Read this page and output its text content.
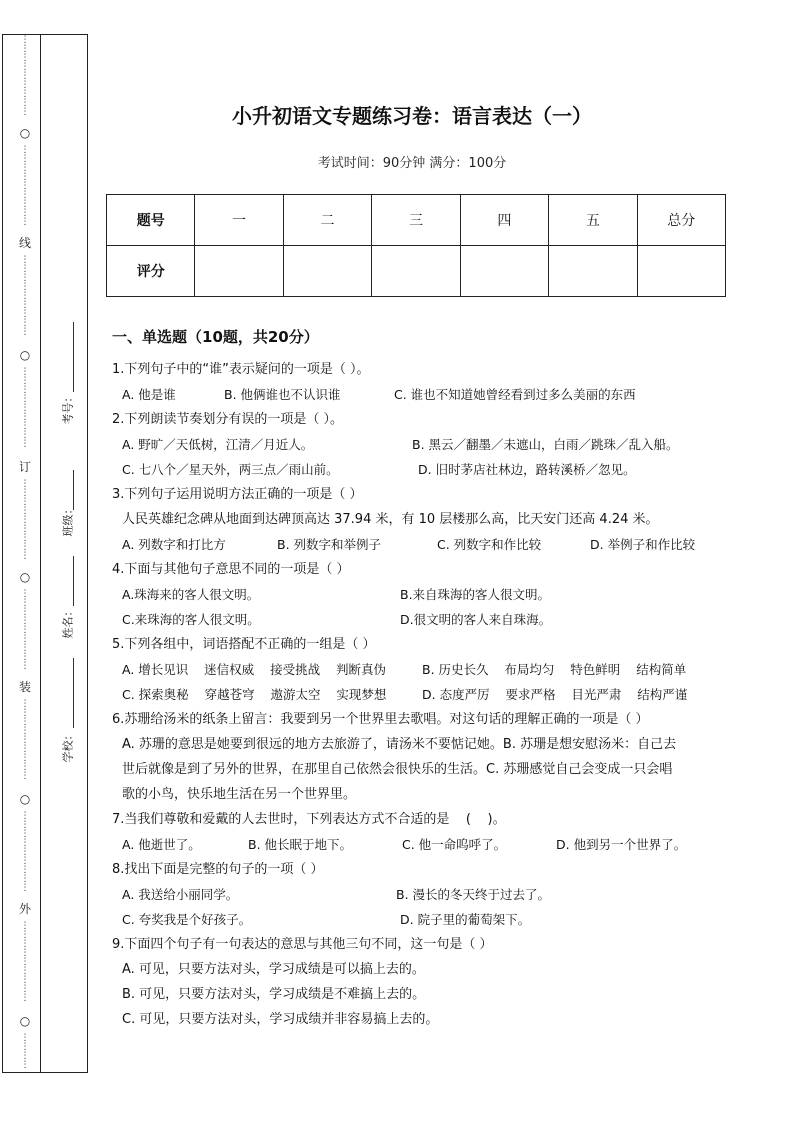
⋮
⋮
⋮
⋮
⋮
⋮
⋮
⋮
⋮
○
⋮
⋮
⋮
⋮
⋮
⋮
⋮
⋮
⋮
线
⋮
⋮
⋮
⋮
⋮
⋮
⋮
⋮
⋮
○
⋮
⋮
⋮
⋮
⋮
⋮
⋮
⋮
⋮
订
⋮
⋮
⋮
⋮
⋮
⋮
⋮
⋮
⋮
○
⋮
⋮
⋮
⋮
⋮
⋮
⋮
⋮
⋮
装
⋮
⋮
⋮
⋮
⋮
⋮
⋮
⋮
⋮
○
⋮
⋮
⋮
⋮
⋮
⋮
⋮
⋮
⋮
外
⋮
⋮
⋮
⋮
⋮
⋮
⋮
⋮
⋮
○
⋮
⋮
⋮
⋮
考号：
班级：
姓名：
学校：
小升初语文专题练习卷：语言表达（一）
考试时间：90分钟 满分：100分
题号	一	二	三	四	五	总分
评分						
一、单选题（10题，共20分）
1.下列句子中的“谁”表示疑问的一项是（ ）。
A. 他是谁	B. 他俩谁也不认识谁	C. 谁也不知道她曾经看到过多么美丽的东西
2.下列朗读节奏划分有误的一项是（ ）。
A. 野旷／天低树，江清／月近人。	B. 黑云／翻墨／未遮山，白雨／跳珠／乱入船。
C. 七八个／星天外，两三点／雨山前。	D. 旧时茅店社林边，路转溪桥／忽见。
3.下列句子运用说明方法正确的一项是（ ）
人民英雄纪念碑从地面到达碑顶高达 37.94 米，有 10 层楼那么高，比天安门还高 4.24 米。
A. 列数字和打比方	B. 列数字和举例子	C. 列数字和作比较	D. 举例子和作比较
4.下面与其他句子意思不同的一项是（ ）
A.珠海来的客人很文明。	B.来自珠海的客人很文明。
C.来珠海的客人很文明。	D.很文明的客人来自珠海。
5.下列各组中，词语搭配不正确的一组是（ ）
A. 增长见识    迷信权威    接受挑战    判断真伪	B. 历史长久    布局均匀    特色鲜明    结构简单
C. 探索奥秘    穿越苍穹    遨游太空    实现梦想	D. 态度严厉    要求严格    目光严肃    结构严谨
6.苏珊给汤米的纸条上留言：我要到另一个世界里去歌唱。对这句话的理解正确的一项是（ ）
A. 苏珊的意思是她要到很远的地方去旅游了，请汤米不要惦记她。B. 苏珊是想安慰汤米：自己去
世后就像是到了另外的世界，在那里自己依然会很快乐的生活。C. 苏珊感觉自己会变成一只会唱
歌的小鸟，快乐地生活在另一个世界里。
7.当我们尊敬和爱戴的人去世时，下列表达方式不合适的是    (    )。
A. 他逝世了。	B. 他长眠于地下。	C. 他一命呜呼了。	D. 他到另一个世界了。
8.找出下面是完整的句子的一项（ ）
A. 我送给小丽同学。	B. 漫长的冬天终于过去了。
C. 夸奖我是个好孩子。	D. 院子里的葡萄架下。
9.下面四个句子有一句表达的意思与其他三句不同，这一句是（ ）
A. 可见，只要方法对头，学习成绩是可以搞上去的。
B. 可见，只要方法对头，学习成绩是不难搞上去的。
C. 可见，只要方法对头，学习成绩并非容易搞上去的。
